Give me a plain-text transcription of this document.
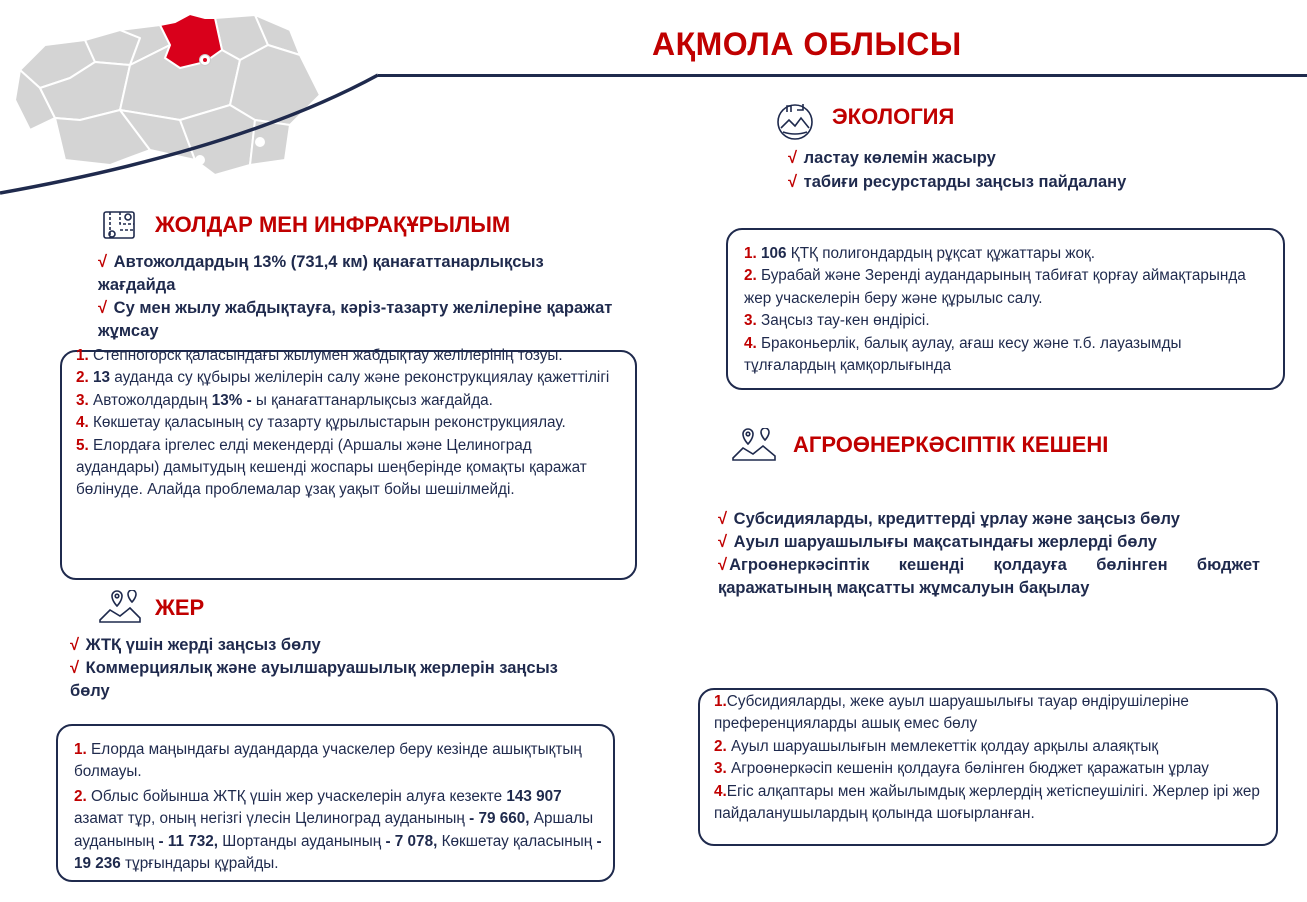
АҚМОЛА ОБЛЫСЫ
ЖОЛДАР МЕН ИНФРАҚҰРЫЛЫМ

√ Автожолдардың 13% (731,4 км) қанағаттанарлықсыз жағдайда

√ Су мен жылу жабдықтауға, кәріз-тазарту желілеріне қаражат жұмсау

1. Степногорск қаласындағы жылумен жабдықтау желілерінің тозуы.

2. 13 ауданда су құбыры желілерін салу және реконструкциялау қажеттілігі

3. Автожолдардың 13% - ы қанағаттанарлықсыз жағдайда.

4. Көкшетау қаласының су тазарту құрылыстарын реконструкциялау.

5. Елордаға іргелес елді мекендерді (Аршалы және Целиноград аудандары) дамытудың кешенді жоспары шеңберінде қомақты қаражат бөлінуде. Алайда проблемалар ұзақ уақыт бойы шешілмейді.

ЖЕР

√ ЖТҚ үшін жерді заңсыз бөлу

√ Коммерциялық және ауылшаруашылық жерлерін заңсыз бөлу

1. Елорда маңындағы аудандарда учаскелер беру кезінде ашықтықтың болмауы.

2. Облыс бойынша ЖТҚ үшін жер учаскелерін алуға кезекте 143 907 азамат тұр, оның негізгі үлесін Целиноград ауданының - 79 660, Аршалы ауданының - 11 732, Шортанды ауданының - 7 078, Көкшетау қаласының - 19 236 тұрғындары құрайды.

ЭКОЛОГИЯ

√ ластау көлемін жасыру

√ табиғи ресурстарды заңсыз пайдалану

1. 106 ҚТҚ полигондардың рұқсат құжаттары жоқ.

2. Бурабай және Зеренді аудандарының табиғат қорғау аймақтарында жер учаскелерін беру және құрылыс салу.

3. Заңсыз тау-кен өндірісі.

4. Браконьерлік, балық аулау, ағаш кесу және т.б. лауазымды тұлғалардың қамқорлығында

АГРОӨНЕРКӘСІПТІК КЕШЕНІ

√ Субсидияларды, кредиттерді ұрлау және заңсыз бөлу

√ Ауыл шаруашылығы мақсатындағы жерлерді бөлу

√ Агроөнеркәсіптік кешенді қолдауға бөлінген бюджет қаражатының мақсатты жұмсалуын бақылау

1.Субсидияларды, жеке ауыл шаруашылығы тауар өндірушілеріне преференцияларды ашық емес бөлу

2. Ауыл шаруашылығын мемлекеттік қолдау арқылы алаяқтық

3. Агроөнеркәсіп кешенін қолдауға бөлінген бюджет қаражатын ұрлау

4.Егіс алқаптары мен жайылымдық жерлердің жетіспеушілігі. Жерлер ірі жер пайдаланушылардың қолында шоғырланған.
